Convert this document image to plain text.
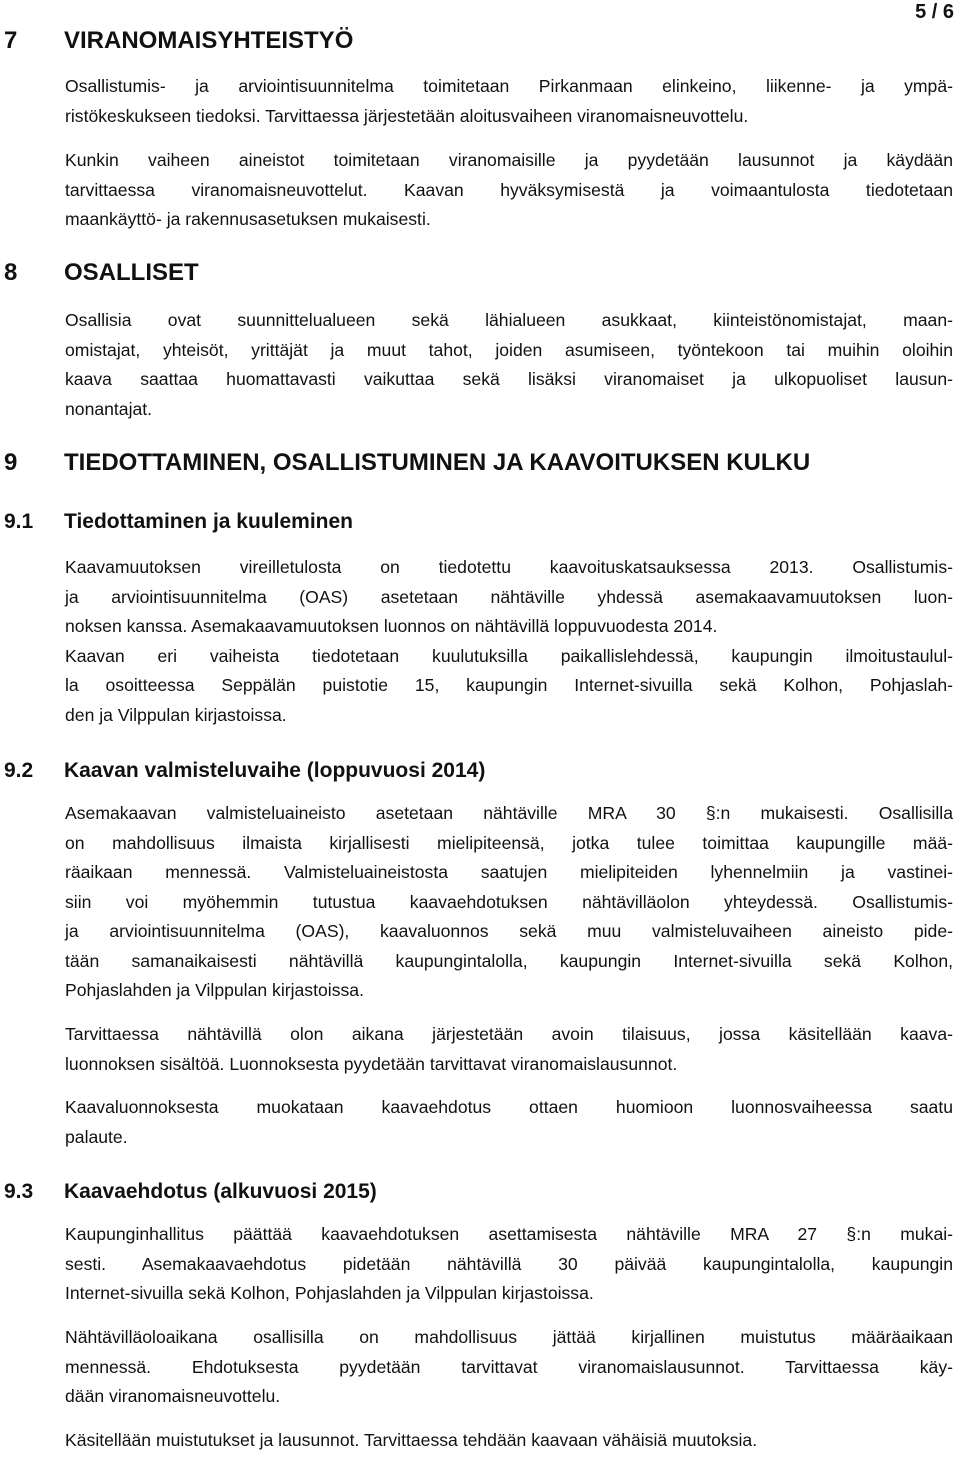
5 / 6
7 VIRANOMAISYHTEISTYÖ

Osallistumis- ja arviointisuunnitelma toimitetaan Pirkanmaan elinkeino, liikenne- ja ympä-
ristökeskukseen tiedoksi. Tarvittaessa järjestetään aloitusvaiheen viranomaisneuvottelu.

Kunkin vaiheen aineistot toimitetaan viranomaisille ja pyydetään lausunnot ja käydään
tarvittaessa viranomaisneuvottelut. Kaavan hyväksymisestä ja voimaantulosta tiedotetaan
maankäyttö- ja rakennusasetuksen mukaisesti.

8 OSALLISET

Osallisia ovat suunnittelualueen sekä lähialueen asukkaat, kiinteistönomistajat, maan-
omistajat, yhteisöt, yrittäjät ja muut tahot, joiden asumiseen, työntekoon tai muihin oloihin
kaava saattaa huomattavasti vaikuttaa sekä lisäksi viranomaiset ja ulkopuoliset lausun-
nonantajat.

9 TIEDOTTAMINEN, OSALLISTUMINEN JA KAAVOITUKSEN KULKU
9.1 Tiedottaminen ja kuuleminen

Kaavamuutoksen vireilletulosta on tiedotettu kaavoituskatsauksessa 2013. Osallistumis-
ja arviointisuunnitelma (OAS) asetetaan nähtäville yhdessä asemakaavamuutoksen luon-
noksen kanssa. Asemakaavamuutoksen luonnos on nähtävillä loppuvuodesta 2014.
Kaavan eri vaiheista tiedotetaan kuulutuksilla paikallislehdessä, kaupungin ilmoitustaulul-
la osoitteessa Seppälän puistotie 15, kaupungin Internet-sivuilla sekä Kolhon, Pohjaslah-
den ja Vilppulan kirjastoissa.

9.2 Kaavan valmisteluvaihe (loppuvuosi 2014)

Asemakaavan valmisteluaineisto asetetaan nähtäville MRA 30 §:n mukaisesti. Osallisilla
on mahdollisuus ilmaista kirjallisesti mielipiteensä, jotka tulee toimittaa kaupungille mää-
räaikaan mennessä. Valmisteluaineistosta saatujen mielipiteiden lyhennelmiin ja vastinei-
siin voi myöhemmin tutustua kaavaehdotuksen nähtävilläolon yhteydessä. Osallistumis-
ja arviointisuunnitelma (OAS), kaavaluonnos sekä muu valmisteluvaiheen aineisto pide-
tään samanaikaisesti nähtävillä kaupungintalolla, kaupungin Internet-sivuilla sekä Kolhon,
Pohjaslahden ja Vilppulan kirjastoissa.

Tarvittaessa nähtävillä olon aikana järjestetään avoin tilaisuus, jossa käsitellään kaava-
luonnoksen sisältöä. Luonnoksesta pyydetään tarvittavat viranomaislausunnot.

Kaavaluonnoksesta muokataan kaavaehdotus ottaen huomioon luonnosvaiheessa saatu
palaute.

9.3 Kaavaehdotus (alkuvuosi 2015)

Kaupunginhallitus päättää kaavaehdotuksen asettamisesta nähtäville MRA 27 §:n mukai-
sesti. Asemakaavaehdotus pidetään nähtävillä 30 päivää kaupungintalolla, kaupungin
Internet-sivuilla sekä Kolhon, Pohjaslahden ja Vilppulan kirjastoissa.

Nähtävilläoloaikana osallisilla on mahdollisuus jättää kirjallinen muistutus määräaikaan
mennessä. Ehdotuksesta pyydetään tarvittavat viranomaislausunnot. Tarvittaessa käy-
dään viranomaisneuvottelu.

Käsitellään muistutukset ja lausunnot. Tarvittaessa tehdään kaavaan vähäisiä muutoksia.
